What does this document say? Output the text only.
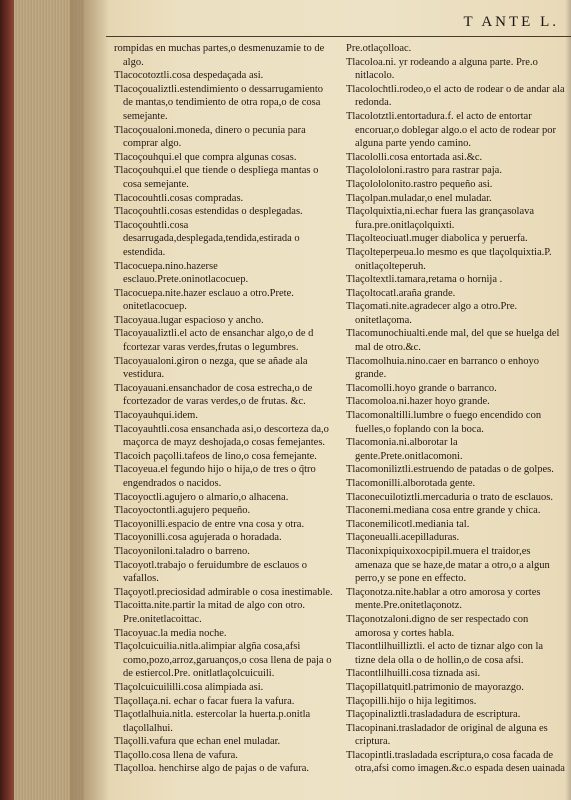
T ANTE L.

rompidas en muchas partes,o desmenuzamie to de algo.

Tlacocotoztli.cosa despedaçada asi.

Tlacoçoualiztli.estendimiento o dessarrugamiento de mantas,o tendimiento de otra ropa,o de cosa semejante.

Tlacoçoualoni.moneda, dinero o pecunia para comprar algo.

Tlacoçouhqui.el que compra algunas cosas.

Tlacoçouhqui.el que tiende o despliega mantas o cosa semejante.

Tlacocouhtli.cosas compradas.

Tlacoçouhtli.cosas estendidas o desplegadas.

Tlacoçouhtli.cosa desarrugada,desplegada,tendida,estirada o estendida.

Tlacocuepa.nino.hazerse esclauo.Prete.oninotlacocuep.

Tlacocuepa.nite.hazer esclauo a otro.Prete. onitetlacocuep.

Tlacoyaua.lugar espacioso y ancho.

Tlacoyaualiztli.el acto de ensanchar algo,o de d fcortezar varas verdes,frutas o legumbres.

Tlacoyaualoni.giron o nezga, que se añade ala vestidura.

Tlacoyauani.ensanchador de cosa estrecha,o de fcortezador de varas verdes,o de frutas. &c.

Tlacoyauhqui.idem.

Tlacoyauhtli.cosa ensanchada asi,o descorteza da,o maçorca de mayz deshojada,o cosas femejantes.

Tlacoich paçolli.tafeos de lino,o cosa femejante.

Tlacoyeua.el fegundo hijo o hija,o de tres o q̃tro engendrados o nacidos.

Tlacoyoctli.agujero o almario,o alhacena.

Tlacoyoctontli.agujero pequeño.

Tlacoyonilli.espacio de entre vna cosa y otra.

Tlacoyonilli.cosa agujerada o horadada.

Tlacoyoniloni.taladro o barreno.

Tlacoyotl.trabajo o feruidumbre de esclauos o vafallos.

Tlaçoyotl.preciosidad admirable o cosa inestimable.

Tlacoitta.nite.partir la mitad de algo con otro. Pre.onitetlacoittac.

Tlacoyuac.la media noche.

Tlaçolcuicuilia.nitla.alimpiar algña cosa,afsi como,pozo,arroz,garuanços,o cosa llena de paja o de estiercol.Pre. onitlatlaçolcuicuili.

Tlaçolcuicuililli.cosa alimpiada asi.

Tlaçollaça.ni. echar o facar fuera la vafura.

Tlaçotlalhuia.nitla. estercolar la huerta.p.onitla tlaçollalhui.

Tlaçolli.vafura que echan enel muladar.

Tlaçollo.cosa llena de vafura.

Tlaçolloa. henchirse algo de pajas o de vafura.

Pre.otlaçolloac.

Tlacoloa.ni. yr rodeando a alguna parte. Pre.o nitlacolo.

Tlacolochtli.rodeo,o el acto de rodear o de andar ala redonda.

Tlacolotztli.entortadura.f. el acto de entortar encoruar,o doblegar algo.o el acto de rodear por alguna parte yendo camino.

Tlacololli.cosa entortada asi.&c.

Tlaçolololoni.rastro para rastrar paja.

Tlaçolololonito.rastro pequeño asi.

Tlaçolpan.muladar,o enel muladar.

Tlaçolquixtia,ni.echar fuera las grançasolava fura.pre.onitlaçolquixti.

Tlaçolteociuatl.muger diabolica y peruerfa.

Tlaçolteperpeua.lo mesmo es que tlaçolquixtia.P. onitlaçolteperuh.

Tlaçoltextli.tamara,retama o hornija .

Tlaçoltocatl.araña grande.

Tlaçomati.nite.agradecer algo a otro.Pre. onitetlaçoma.

Tlacomunochiualti.ende mal, del que se huelga del mal de otro.&c.

Tlacomolhuia.nino.caer en barranco o enhoyo grande.

Tlacomolli.hoyo grande o barranco.

Tlacomoloa.ni.hazer hoyo grande.

Tlacomonaltilli.lumbre o fuego encendido con fuelles,o foplando con la boca.

Tlacomonia.ni.alborotar la gente.Prete.onitlacomoni.

Tlacomoniliztli.estruendo de patadas o de golpes.

Tlacomonilli.alborotada gente.

Tlaconecuilotiztli.mercaduria o trato de esclauos.

Tlaconemi.mediana cosa entre grande y chica.

Tlaconemilicotl.mediania tal.

Tlaçoneualli.acepilladuras.

Tlaconixpiquixoxocpipil.muera el traidor,es amenaza que se haze,de matar a otro,o a algun perro,y se pone en effecto.

Tlaçonotza.nite.hablar a otro amorosa y cortes mente.Pre.onitetlaçonotz.

Tlaçonotzaloni.digno de ser respectado con amorosa y cortes habla.

Tlacontlilhuilliztli. el acto de tiznar algo con la tizne dela olla o de hollin,o de cosa afsi.

Tlacontlilhuilli.cosa tiznada asi.

Tlaçopillatquitl.patrimonio de mayorazgo.

Tlaçopilli.hijo o hija legitimos.

Tlaçopinaliztli.trasladadura de escriptura.

Tlacopinani.trasladador de original de alguna es criptura.

Tlacopintli.trasladada escriptura,o cosa facada de otra,afsi como imagen.&c.o espada desen uainada
